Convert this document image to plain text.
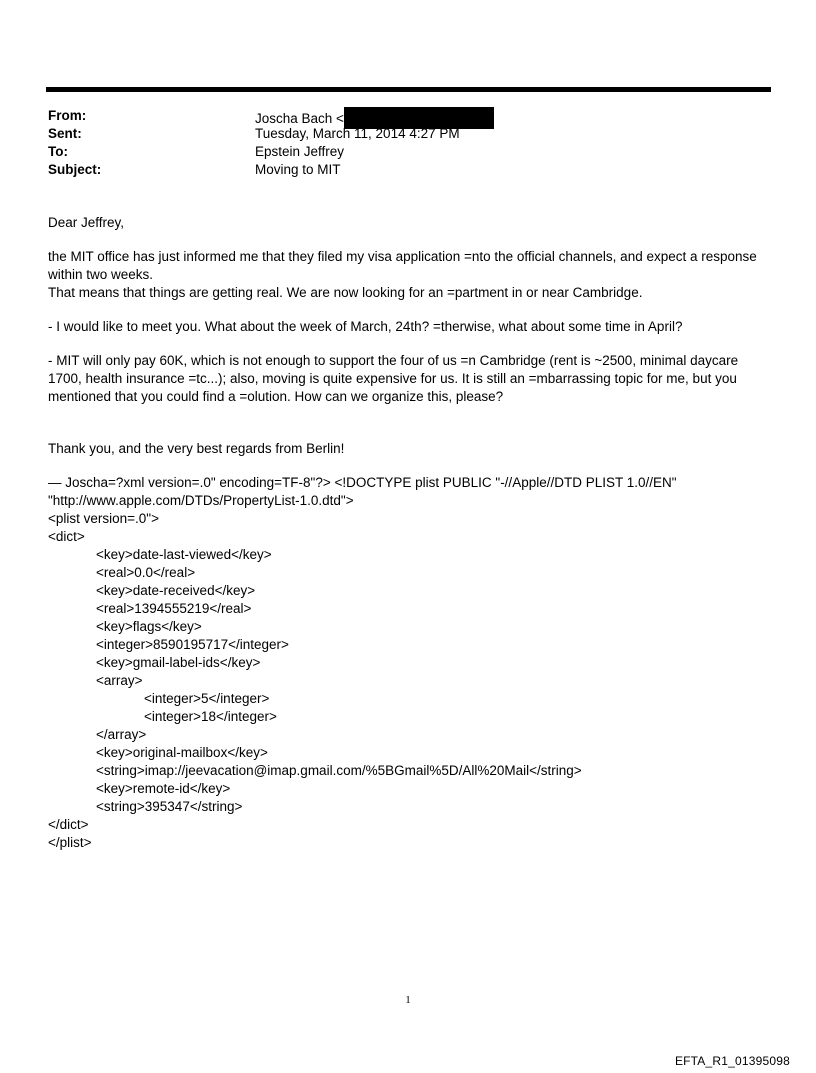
From:	Joscha Bach <
Sent:	Tuesday, March 11, 2014 4:27 PM
To:	Epstein Jeffrey
Subject:	Moving to MIT

Dear Jeffrey,

the MIT office has just informed me that they filed my visa application =nto the official channels, and expect a response

within two weeks.

That means that things are getting real. We are now looking for an =partment in or near Cambridge.

- I would like to meet you. What about the week of March, 24th? =therwise, what about some time in April?

- MIT will only pay 60K, which is not enough to support the four of us =n Cambridge (rent is ~2500, minimal daycare

1700, health insurance =tc...); also, moving is quite expensive for us. It is still an =mbarrassing topic for me, but you

mentioned that you could find a =olution. How can we organize this, please?

Thank you, and the very best regards from Berlin!

— Joscha=?xml version=.0" encoding=TF-8"?> <!DOCTYPE plist PUBLIC "-//Apple//DTD PLIST 1.0//EN"
"http://www.apple.com/DTDs/PropertyList-1.0.dtd">
<plist version=.0">
<dict>
<key>date-last-viewed</key>
<real>0.0</real>
<key>date-received</key>
<real>1394555219</real>
<key>flags</key>
<integer>8590195717</integer>
<key>gmail-label-ids</key>
<array>
<integer>5</integer>
<integer>18</integer>
</array>
<key>original-mailbox</key>
<string>imap://jeevacation@imap.gmail.com/%5BGmail%5D/All%20Mail</string>
<key>remote-id</key>
<string>395347</string>
</dict>
</plist>
1
EFTA_R1_01395098
